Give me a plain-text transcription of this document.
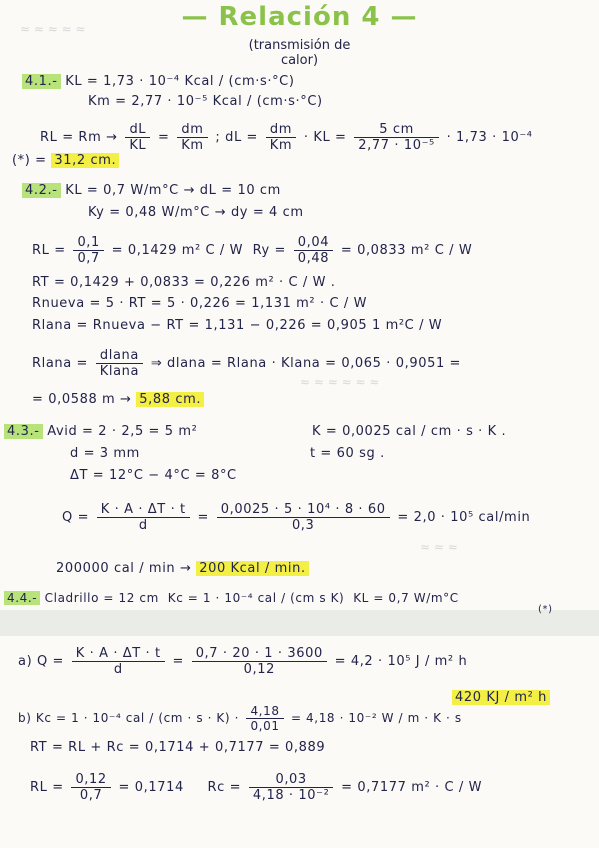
≈ ≈ ≈ ≈ ≈
≈ ≈ ≈ ≈ ≈ ≈
≈ ≈ ≈
— Relación 4 —
(transmisión de
calor)
4.1.- KL = 1,73 · 10⁻⁴ Kcal / (cm·s·°C)
Km = 2,77 · 10⁻⁵ Kcal / (cm·s·°C)
RL = $Rm \to \frac{dL}{KL} = \frac{dm}{Km}$ ; dL = $\frac{dm}{Km}$ · KL = $\frac{5 cm}{\text{2,77 · 10⁻⁵}} \cdot 1,73 \cdot 10^{-4}$
(*) = 31,2 cm.
4.2.- KL = 0,7 W/m°C → dL = 10 cm
Ky = 0,48 W/m°C → dy = 4 cm
RL = $\frac{0,1}{0,7} = 0,1429$ m² C / W $Ry = \frac{0,04}{0,48} = 0,0833$ m² C / W
RT = 0,1429 + 0,0833 = 0,226 m² · C / W .
Rnueva = 5 · RT = 5 · 0,226 = 1,131 m² · C / W
Rlana = Rnueva − RT = 1,131 − 0,226 = 0,905 1 m²C / W
Rlana = $\frac{\text{dlana}}{\text{Klana}}$ ⇒ dlana = Rlana · Klana = 0,065 · 0,9051 =
= 0,0588 m → 5,88 cm.
4.3.- Avid = 2 · 2,5 = 5 m²	K = 0,0025 cal / cm · s · K .
d = 3 mm	t = 60 sg .
ΔT = 12°C − 4°C = 8°C
$Q = \frac{K \cdot A \cdot \Delta T \cdot t}{d} = \frac{\text{0,0025 · 5 · 10⁴ · 8 · 60}}{0,3} = 2,0 \cdot 10^5$ cal/min
200000 cal / min → 200 Kcal / min.
4.4.- Cladrillo = 12 cm Kc = 1 · 10⁻⁴ cal / (cm s K) KL = 0,7 W/m°C
(*)
a) $Q = \frac{K \cdot A \cdot \Delta T \cdot t}{d} = \frac{0,7 \cdot 20 \cdot 1 \cdot 3600}{0,12} = 4,2 \cdot 10^5$ J / m² h
420 KJ / m² h
b) Kc = 1 · 10⁻⁴ cal / $(cm \cdot s \cdot K) \cdot \frac{4,18}{0,01} = 4,18 \cdot 10^{-2}$ W / m · K · s
RT = RL + Rc = 0,1714 + 0,7177 = 0,889
RL = $\frac{0,12}{0,7} = 0,1714$ $Rc = \frac{0,03}{\text{4,18 · 10⁻²}} = 0,7177$ m² · C / W
